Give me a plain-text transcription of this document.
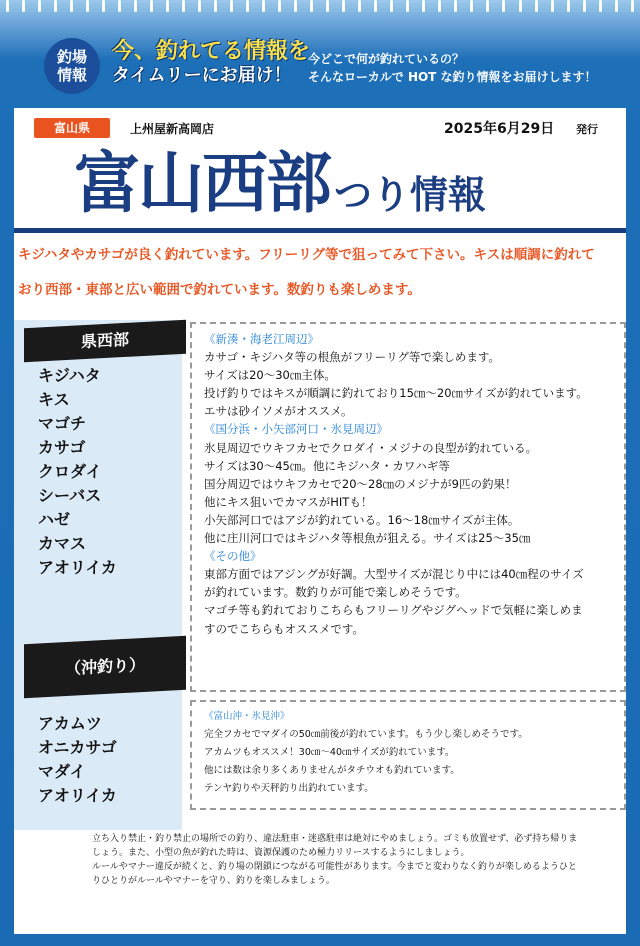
釣場
情報
今、釣れてる情報を
タイムリーにお届け！
今どこで何が釣れているの？
そんなローカルで HOT な釣り情報をお届けします！
富山県	上州屋新高岡店	2025年6月29日 発行
富山西部 つり情報
キジハタやカサゴが良く釣れています。フリーリグ等で狙ってみて下さい。キスは順調に釣れて
おり西部・東部と広い範囲で釣れています。数釣りも楽しめます。
県西部
キジハタ
キス
マゴチ
カサゴ
クロダイ
シーバス
ハゼ
カマス
アオリイカ
（沖釣り）
アカムツ
オニカサゴ
マダイ
アオリイカ
《新湊・海老江周辺》
カサゴ・キジハタ等の根魚がフリーリグ等で楽しめます。
サイズは20～30㎝主体。
投げ釣りではキスが順調に釣れており15㎝～20㎝サイズが釣れています。
エサは砂イソメがオススメ。
《国分浜・小矢部河口・氷見周辺》
氷見周辺でウキフカセでクロダイ・メジナの良型が釣れている。
サイズは30～45㎝。他にキジハタ・カワハギ等
国分周辺ではウキフカセで20～28㎝のメジナが9匹の釣果！
他にキス狙いでカマスがHITも！
小矢部河口ではアジが釣れている。16～18㎝サイズが主体。
他に庄川河口ではキジハタ等根魚が狙える。サイズは25～35㎝
《その他》
東部方面ではアジングが好調。大型サイズが混じり中には40㎝程のサイズ
が釣れています。数釣りが可能で楽しめそうです。
マゴチ等も釣れておりこちらもフリーリグやジグヘッドで気軽に楽しめま
すのでこちらもオススメです。
《富山沖・氷見沖》
完全フカセでマダイの50㎝前後が釣れています。もう少し楽しめそうです。
アカムツもオススメ！30㎝～40㎝サイズが釣れています。
他には数は余り多くありませんがタチウオも釣れています。
テンヤ釣りや天秤釣り出釣れています。
立ち入り禁止・釣り禁止の場所での釣り、違法駐車・迷惑駐車は絶対にやめましょう。ゴミも放置せず、必ず持ち帰りま
しょう。また、小型の魚が釣れた時は、資源保護のため極力リリースするようにしましょう。
ルールやマナー違反が続くと、釣り場の閉鎖につながる可能性があります。今までと変わりなく釣りが楽しめるようひと
りひとりがルールやマナーを守り、釣りを楽しみましょう。
